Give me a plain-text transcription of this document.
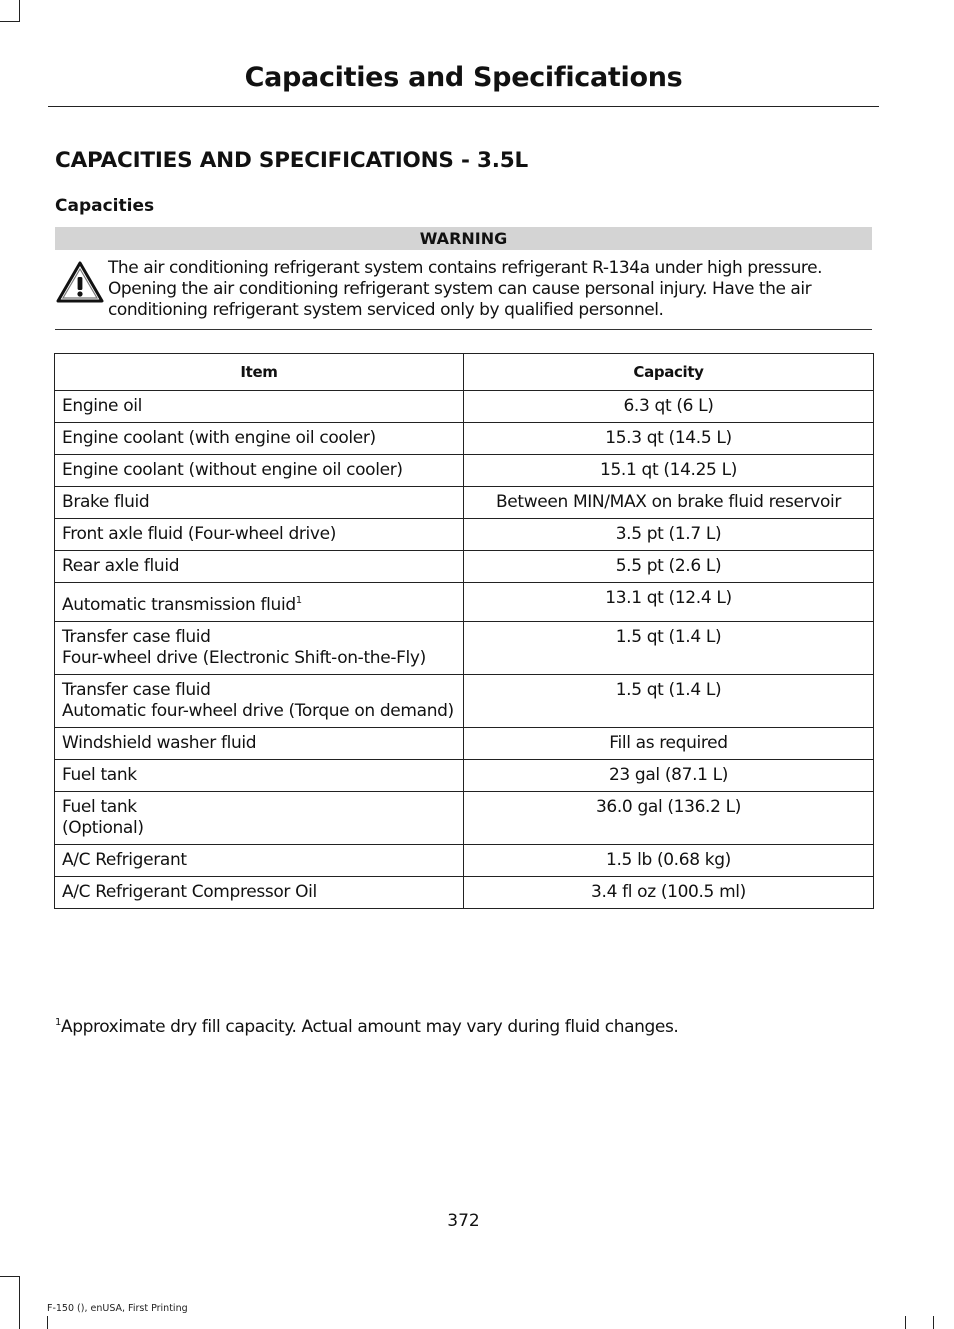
Capacities and Specifications
CAPACITIES AND SPECIFICATIONS - 3.5L
Capacities
WARNING
The air conditioning refrigerant system contains refrigerant R-134a under high pressure. Opening the air conditioning refrigerant system can cause personal injury. Have the air conditioning refrigerant system serviced only by qualified personnel.
Item	Capacity

Engine oil	6.3 qt (6 L)

Engine coolant (with engine oil cooler)	15.3 qt (14.5 L)

Engine coolant (without engine oil cooler)	15.1 qt (14.25 L)

Brake fluid	Between MIN/MAX on brake fluid reservoir

Front axle fluid (Four-wheel drive)	3.5 pt (1.7 L)

Rear axle fluid	5.5 pt (2.6 L)

Automatic transmission fluid$^1$	13.1 qt (12.4 L)

Transfer case fluid
Four-wheel drive (Electronic Shift-on-the-Fly)	1.5 qt (1.4 L)

Transfer case fluid
Automatic four-wheel drive (Torque on demand)	1.5 qt (1.4 L)

Windshield washer fluid	Fill as required

Fuel tank	23 gal (87.1 L)

Fuel tank
(Optional)	36.0 gal (136.2 L)

A/C Refrigerant	1.5 lb (0.68 kg)

A/C Refrigerant Compressor Oil	3.4 fl oz (100.5 ml)
$^1$Approximate dry fill capacity. Actual amount may vary during fluid changes.
372
F-150 (), enUSA, First Printing
